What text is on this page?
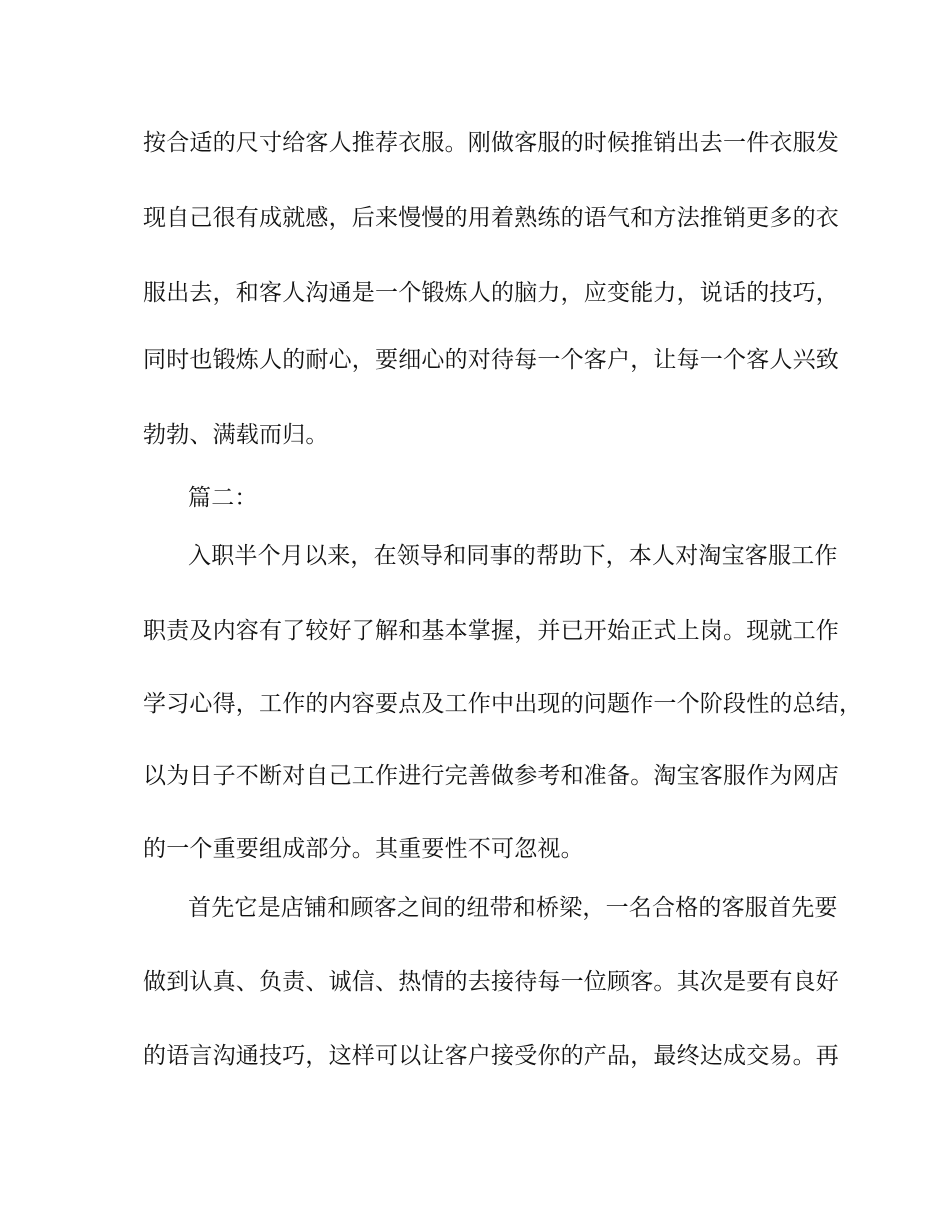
按合适的尺寸给客人推荐衣服。刚做客服的时候推销出去一件衣服发
现自己很有成就感，后来慢慢的用着熟练的语气和方法推销更多的衣
服出去，和客人沟通是一个锻炼人的脑力，应变能力，说话的技巧，
同时也锻炼人的耐心，要细心的对待每一个客户，让每一个客人兴致
勃勃、满载而归。
篇二：
入职半个月以来，在领导和同事的帮助下，本人对淘宝客服工作
职责及内容有了较好了解和基本掌握，并已开始正式上岗。现就工作
学习心得，工作的内容要点及工作中出现的问题作一个阶段性的总结，
以为日子不断对自己工作进行完善做参考和准备。淘宝客服作为网店
的一个重要组成部分。其重要性不可忽视。
首先它是店铺和顾客之间的纽带和桥梁，一名合格的客服首先要
做到认真、负责、诚信、热情的去接待每一位顾客。其次是要有良好
的语言沟通技巧，这样可以让客户接受你的产品，最终达成交易。再
